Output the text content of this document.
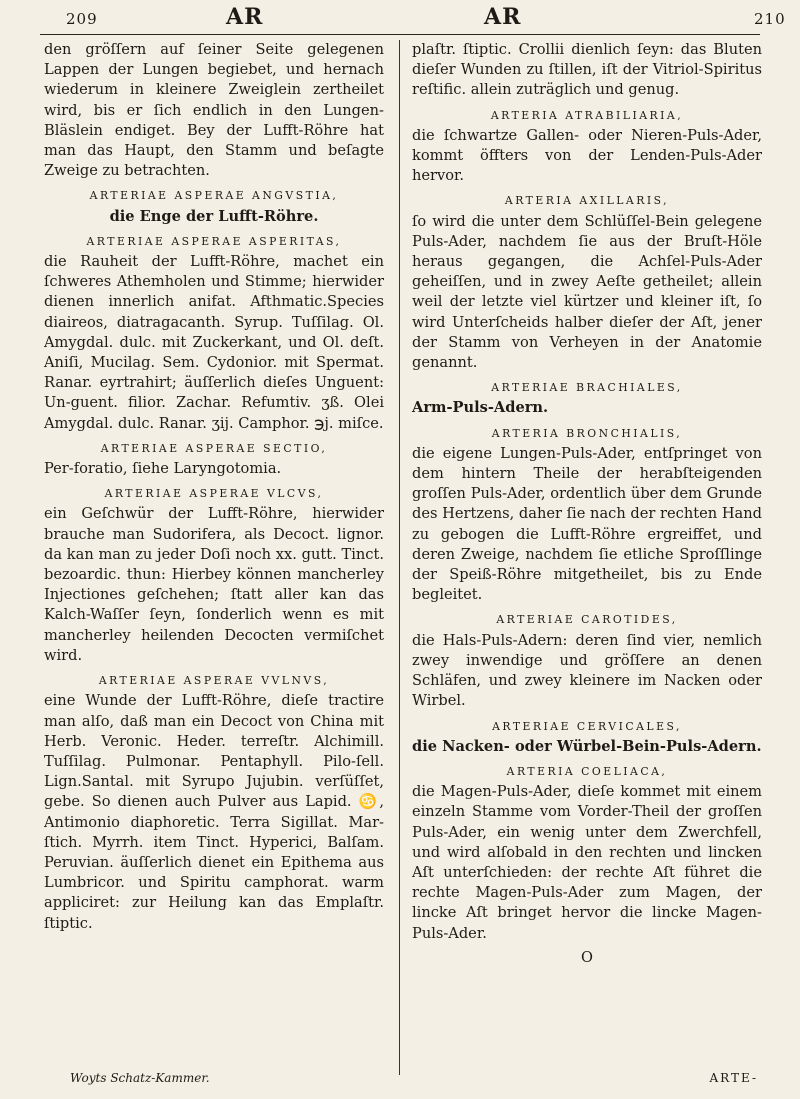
209	AR	AR	210

den gröſſern auf ſeiner Seite gelegenen Lappen der Lungen begiebet, und hernach wiederum in kleinere Zweiglein zertheilet wird, bis er ſich endlich in den Lungen-Bläslein endiget. Bey der Lufft-Röhre hat man das Haupt, den Stamm und beſagte Zweige zu betrachten.

ARTERIAE ASPERAE ANGVSTIA,

die Enge der Lufft-Röhre.

ARTERIAE ASPERAE ASPERITAS,

die Rauheit der Lufft-Röhre, machet ein ſchweres Athemholen und Stimme; hierwider dienen innerlich anifat. Afthmatic.Species diaireos, diatragacanth. Syrup. Tuſſilag. Ol. Amygdal. dulc. mit Zuckerkant, und Ol. deſt. Aniſi, Mucilag. Sem. Cydonior. mit Spermat. Ranar. eyrtrahirt; äuſſerlich dieſes Unguent: Un-guent. filior. Zachar. Refumtiv. ʒß. Olei Amygdal. dulc. Ranar. ʒij. Camphor. ℈j. miſce.

ARTERIAE ASPERAE SECTIO,

Per-foratio, ſiehe Laryngotomia.

ARTERIAE ASPERAE VLCVS,

ein Geſchwür der Lufft-Röhre, hierwider brauche man Sudorifera, als Decoct. lignor. da kan man zu jeder Doſi noch xx. gutt. Tinct. bezoardic. thun: Hierbey können mancherley Injectiones geſchehen; ſtatt aller kan das Kalch-Waſſer ſeyn, ſonderlich wenn es mit mancherley heilenden Decocten vermiſchet wird.

ARTERIAE ASPERAE VVLNVS,

eine Wunde der Lufft-Röhre, dieſe tractire man alſo, daß man ein Decoct von China mit Herb. Veronic. Heder. terreſtr. Alchimill. Tuſſilag. Pulmonar. Pentaphyll. Pilo-ſell. Lign.Santal. mit Syrupo Jujubin. verſüſſet, gebe. So dienen auch Pulver aus Lapid. ♋, Antimonio diaphoretic. Terra Sigillat. Mar-ſtich. Myrrh. item Tinct. Hyperici, Balſam. Peruvian. äuſſerlich dienet ein Epithema aus Lumbricor. und Spiritu camphorat. warm appliciret: zur Heilung kan das Emplaſtr. ſtiptic.

plaſtr. ſtiptic. Crollii dienlich ſeyn: das Bluten dieſer Wunden zu ſtillen, iſt der Vitriol-Spiritus reſtific. allein zuträglich und genug.

ARTERIA ATRABILIARIA,

die ſchwartze Gallen- oder Nieren-Puls-Ader, kommt öffters von der Lenden-Puls-Ader hervor.

ARTERIA AXILLARIS,

ſo wird die unter dem Schlüſſel-Bein gelegene Puls-Ader, nachdem ſie aus der Bruſt-Höle heraus gegangen, die Achſel-Puls-Ader geheiſſen, und in zwey Aeſte getheilet; allein weil der letzte viel kürtzer und kleiner iſt, ſo wird Unterſcheids halber dieſer der Aſt, jener der Stamm von Verheyen in der Anatomie genannt.

ARTERIAE BRACHIALES,

Arm-Puls-Adern.

ARTERIA BRONCHIALIS,

die eigene Lungen-Puls-Ader, entſpringet von dem hintern Theile der herabſteigenden groſſen Puls-Ader, ordentlich über dem Grunde des Hertzens, daher ſie nach der rechten Hand zu gebogen die Lufft-Röhre ergreiffet, und deren Zweige, nachdem ſie etliche Sproſſlinge der Speiß-Röhre mitgetheilet, bis zu Ende begleitet.

ARTERIAE CAROTIDES,

die Hals-Puls-Adern: deren ſind vier, nemlich zwey inwendige und gröſſere an denen Schläfen, und zwey kleinere im Nacken oder Wirbel.

ARTERIAE CERVICALES,

die Nacken- oder Würbel-Bein-Puls-Adern.

ARTERIA COELIACA,

die Magen-Puls-Ader, dieſe kommet mit einem einzeln Stamme vom Vorder-Theil der groſſen Puls-Ader, ein wenig unter dem Zwerchfell, und wird alſobald in den rechten und lincken Aſt unterſchieden: der rechte Aſt führet die rechte Magen-Puls-Ader zum Magen, der lincke Aſt bringet hervor die lincke Magen-Puls-Ader.

O

Woyts Schatz-Kammer.	ARTE-
